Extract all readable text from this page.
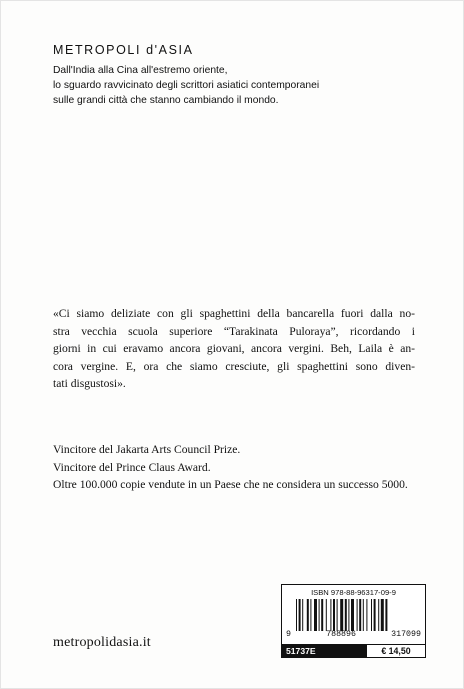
METROPOLI d'ASIA
Dall'India alla Cina all'estremo oriente,
lo sguardo ravvicinato degli scrittori asiatici contemporanei
sulle grandi città che stanno cambiando il mondo.
«Ci siamo deliziate con gli spaghettini della bancarella fuori dalla no-
stra vecchia scuola superiore “Tarakinata Puloraya”, ricordando i
giorni in cui eravamo ancora giovani, ancora vergini. Beh, Laila è an-
cora vergine. E, ora che siamo cresciute, gli spaghettini sono diven-
tati disgustosi».
Vincitore del Jakarta Arts Council Prize.
Vincitore del Prince Claus Award.
Oltre 100.000 copie vendute in un Paese che ne considera un successo 5000.
metropolidasia.it
ISBN 978-88-96317-09-9
9	788896	317099
51737E	€ 14,50
